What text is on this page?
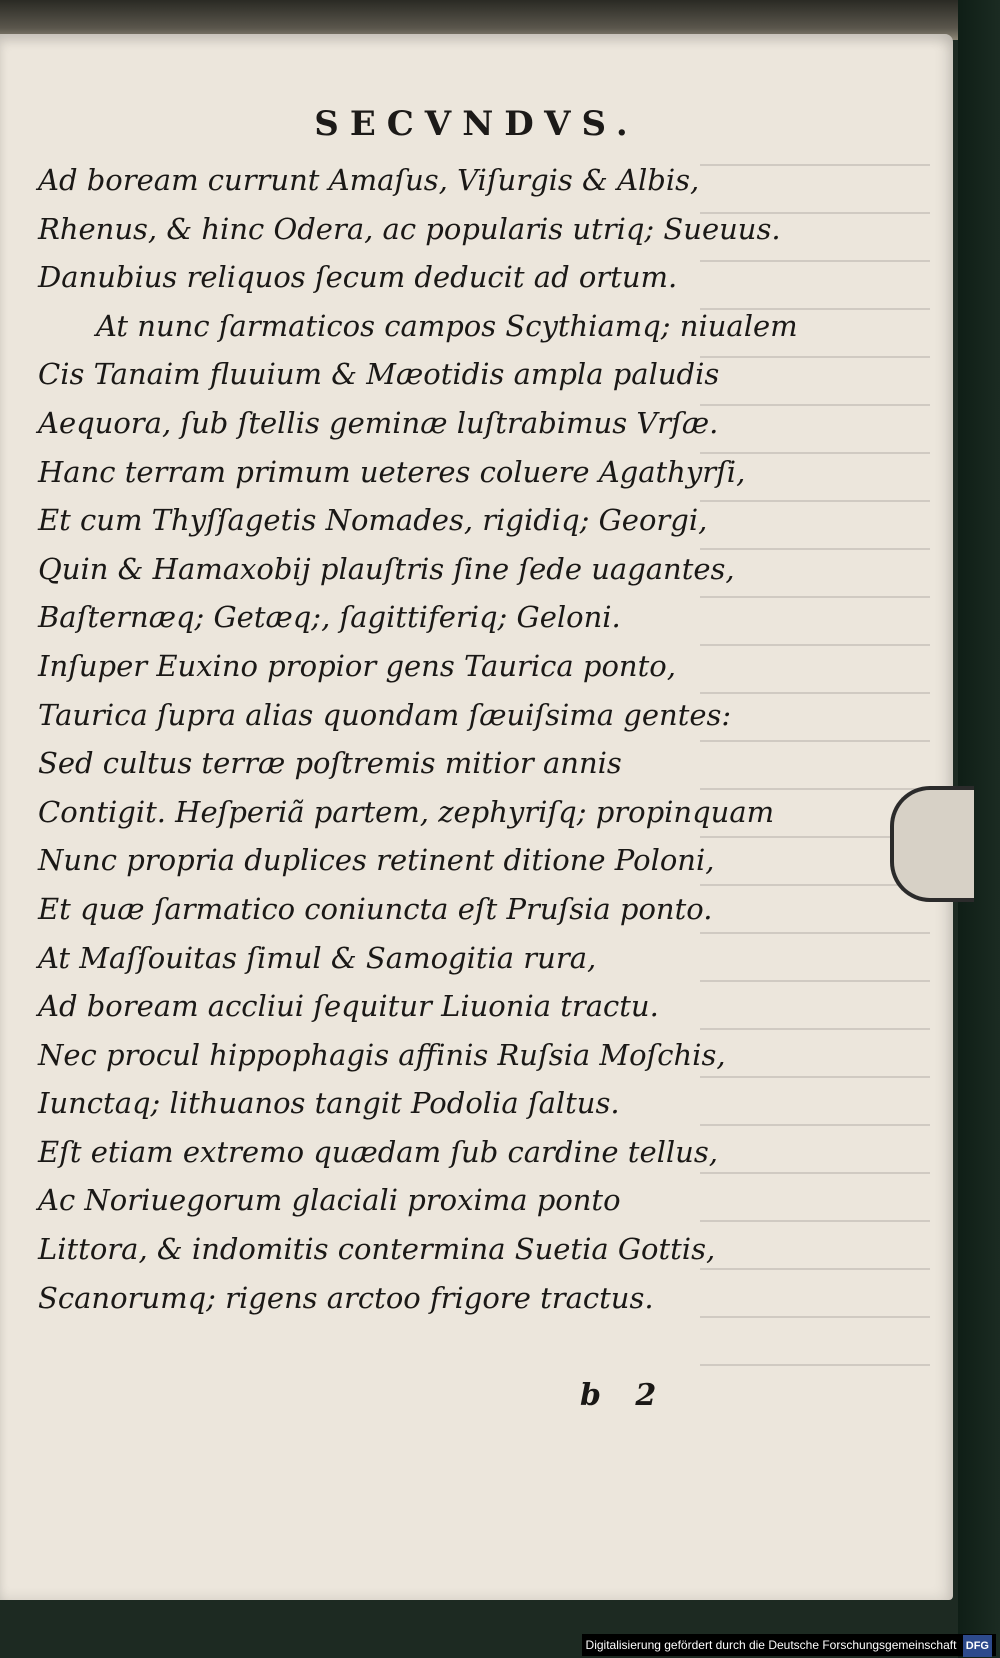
SECVNDVS.
Ad boream currunt Amaſus, Viſurgis & Albis,
Rhenus, & hinc Odera, ac popularis utriq; Sueuus.
Danubius reliquos ſecum deducit ad ortum.
At nunc ſarmaticos campos Scythiamq; niualem
Cis Tanaim fluuium & Mæotidis ampla paludis
Aequora, ſub ſtellis geminæ luſtrabimus Vrſæ.
Hanc terram primum ueteres coluere Agathyrſi,
Et cum Thyſſagetis Nomades, rigidiq; Georgi,
Quin & Hamaxobij plauſtris ſine ſede uagantes,
Baſternæq; Getæq;, ſagittiferiq; Geloni.
Inſuper Euxino propior gens Taurica ponto,
Taurica ſupra alias quondam ſæuiſsima gentes:
Sed cultus terræ poſtremis mitior annis
Contigit. Heſperiã partem, zephyriſq; propinquam
Nunc propria duplices retinent ditione Poloni,
Et quæ ſarmatico coniuncta eſt Pruſsia ponto.
At Maſſouitas ſimul & Samogitia rura,
Ad boream accliui ſequitur Liuonia tractu.
Nec procul hippophagis affinis Ruſsia Moſchis,
Iunctaq; lithuanos tangit Podolia ſaltus.
Eſt etiam extremo quædam ſub cardine tellus,
Ac Noriuegorum glaciali proxima ponto
Littora, & indomitis contermina Suetia Gottis,
Scanorumq; rigens arctoo frigore tractus.
b 2
Digitalisierung gefördert durch die Deutsche Forschungsgemeinschaft DFG
